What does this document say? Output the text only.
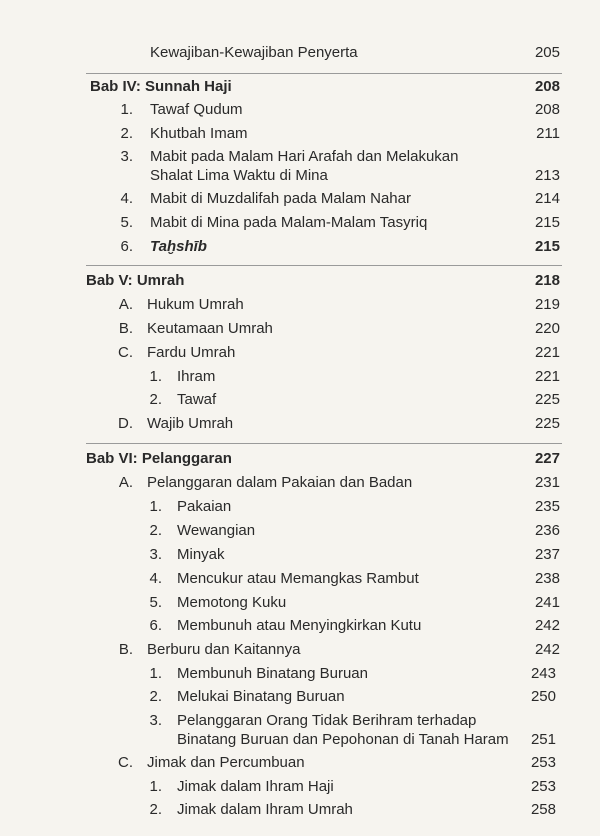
Kewajiban-Kewajiban Penyerta	205
Bab IV: Sunnah Haji	208
1. Tawaf Qudum	208
2. Khutbah Imam	211
3. Mabit pada Malam Hari Arafah dan Melakukan
Shalat Lima Waktu di Mina	213
4. Mabit di Muzdalifah pada Malam Nahar	214
5. Mabit di Mina pada Malam-Malam Tasyriq	215
6. Taḫshīb	215
Bab V: Umrah	218
A. Hukum Umrah	219
B. Keutamaan Umrah	220
C. Fardu Umrah	221
1. Ihram	221
2. Tawaf	225
D. Wajib Umrah	225
Bab VI: Pelanggaran	227
A. Pelanggaran dalam Pakaian dan Badan	231
1. Pakaian	235
2. Wewangian	236
3. Minyak	237
4. Mencukur atau Memangkas Rambut	238
5. Memotong Kuku	241
6. Membunuh atau Menyingkirkan Kutu	242
B. Berburu dan Kaitannya	242
1. Membunuh Binatang Buruan	243
2. Melukai Binatang Buruan	250
3. Pelanggaran Orang Tidak Berihram terhadap
Binatang Buruan dan Pepohonan di Tanah Haram 251
C. Jimak dan Percumbuan	253
1. Jimak dalam Ihram Haji	253
2. Jimak dalam Ihram Umrah	258
